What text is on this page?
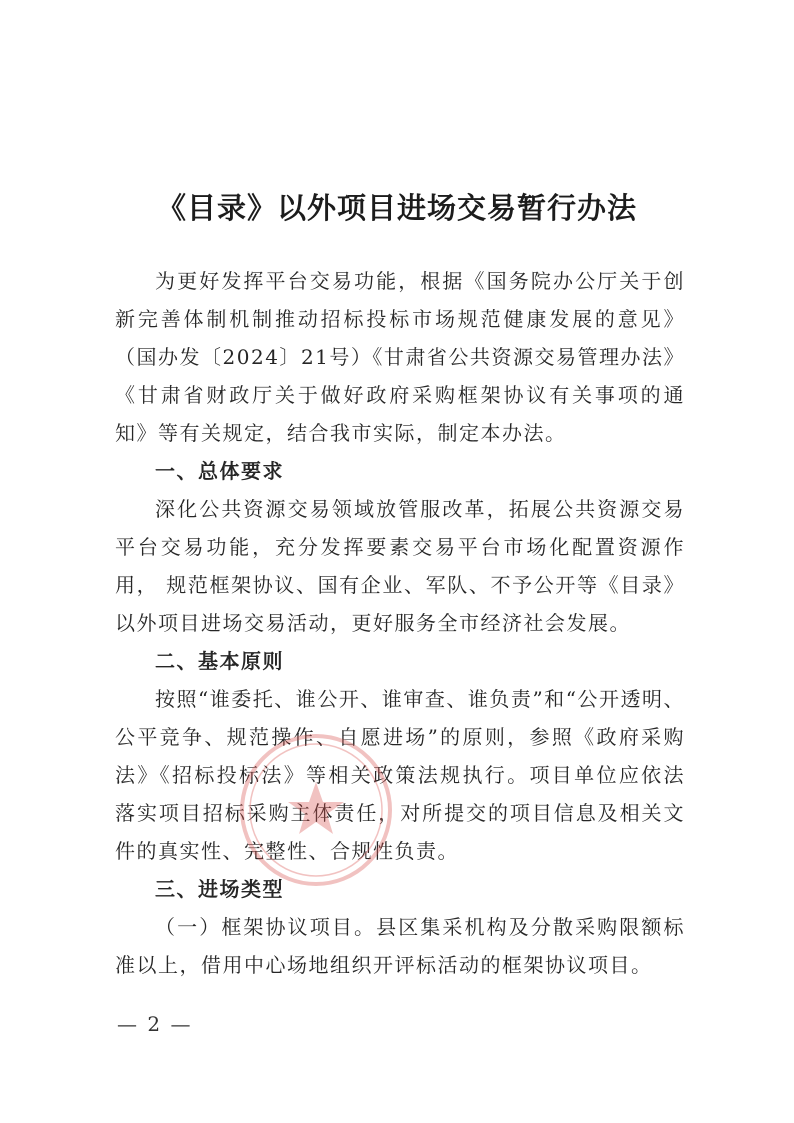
《目录》以外项目进场交易暂行办法
为更好发挥平台交易功能，根据《国务院办公厅关于创新完善体制机制推动招标投标市场规范健康发展的意见》（国办发〔2024〕21号）《甘肃省公共资源交易管理办法》《甘肃省财政厅关于做好政府采购框架协议有关事项的通知》等有关规定，结合我市实际，制定本办法。
一、总体要求
深化公共资源交易领域放管服改革，拓展公共资源交易平台交易功能，充分发挥要素交易平台市场化配置资源作用， 规范框架协议、国有企业、军队、不予公开等《目录》以外项目进场交易活动，更好服务全市经济社会发展。
二、基本原则
按照“谁委托、谁公开、谁审查、谁负责”和“公开透明、公平竞争、规范操作、自愿进场”的原则，参照《政府采购法》《招标投标法》等相关政策法规执行。项目单位应依法落实项目招标采购主体责任，对所提交的项目信息及相关文件的真实性、完整性、合规性负责。
三、进场类型
（一）框架协议项目。县区集采机构及分散采购限额标准以上，借用中心场地组织开评标活动的框架协议项目。
— 2 —
